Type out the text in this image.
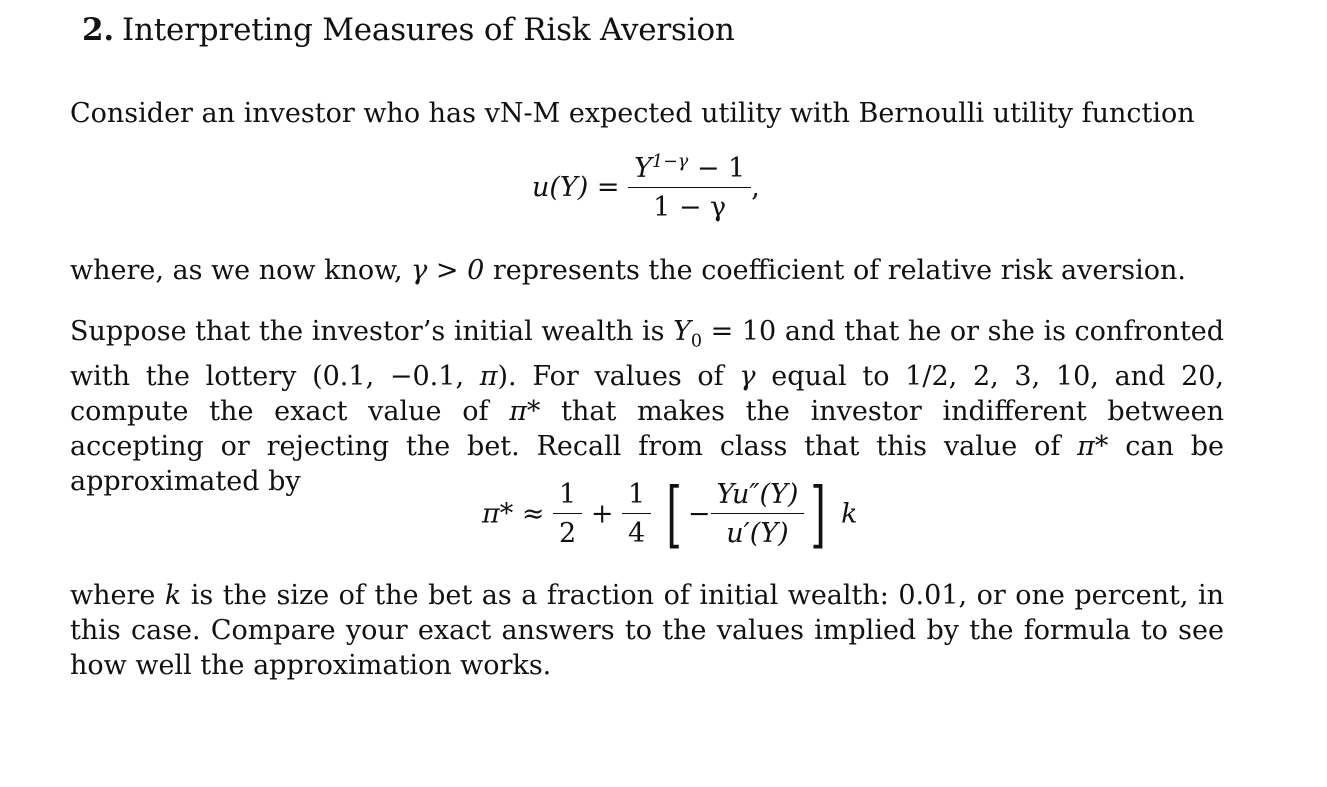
2. Interpreting Measures of Risk Aversion
Consider an investor who has vN-M expected utility with Bernoulli utility function
$u(Y) = \frac{Y^{1-\gamma} - 1}{1 - \gamma}$ ,
where, as we now know, γ > 0 represents the coefficient of relative risk aversion.
Suppose that the investor’s initial wealth is $Y_0 = 10$ and that he or she is confronted with the lottery (0.1, −0.1, π). For values of γ equal to 1/2, 2, 3, 10, and 20, compute the exact value of π* that makes the investor indifferent between accepting or rejecting the bet. Recall from class that this value of π* can be approximated by
$\pi* \approx \frac{1}{2} + \frac{1}{4}$ [ − $\frac{Yu''(Y)}{u'(Y)}$ ] k
where k is the size of the bet as a fraction of initial wealth: 0.01, or one percent, in this case. Compare your exact answers to the values implied by the formula to see how well the approximation works.
